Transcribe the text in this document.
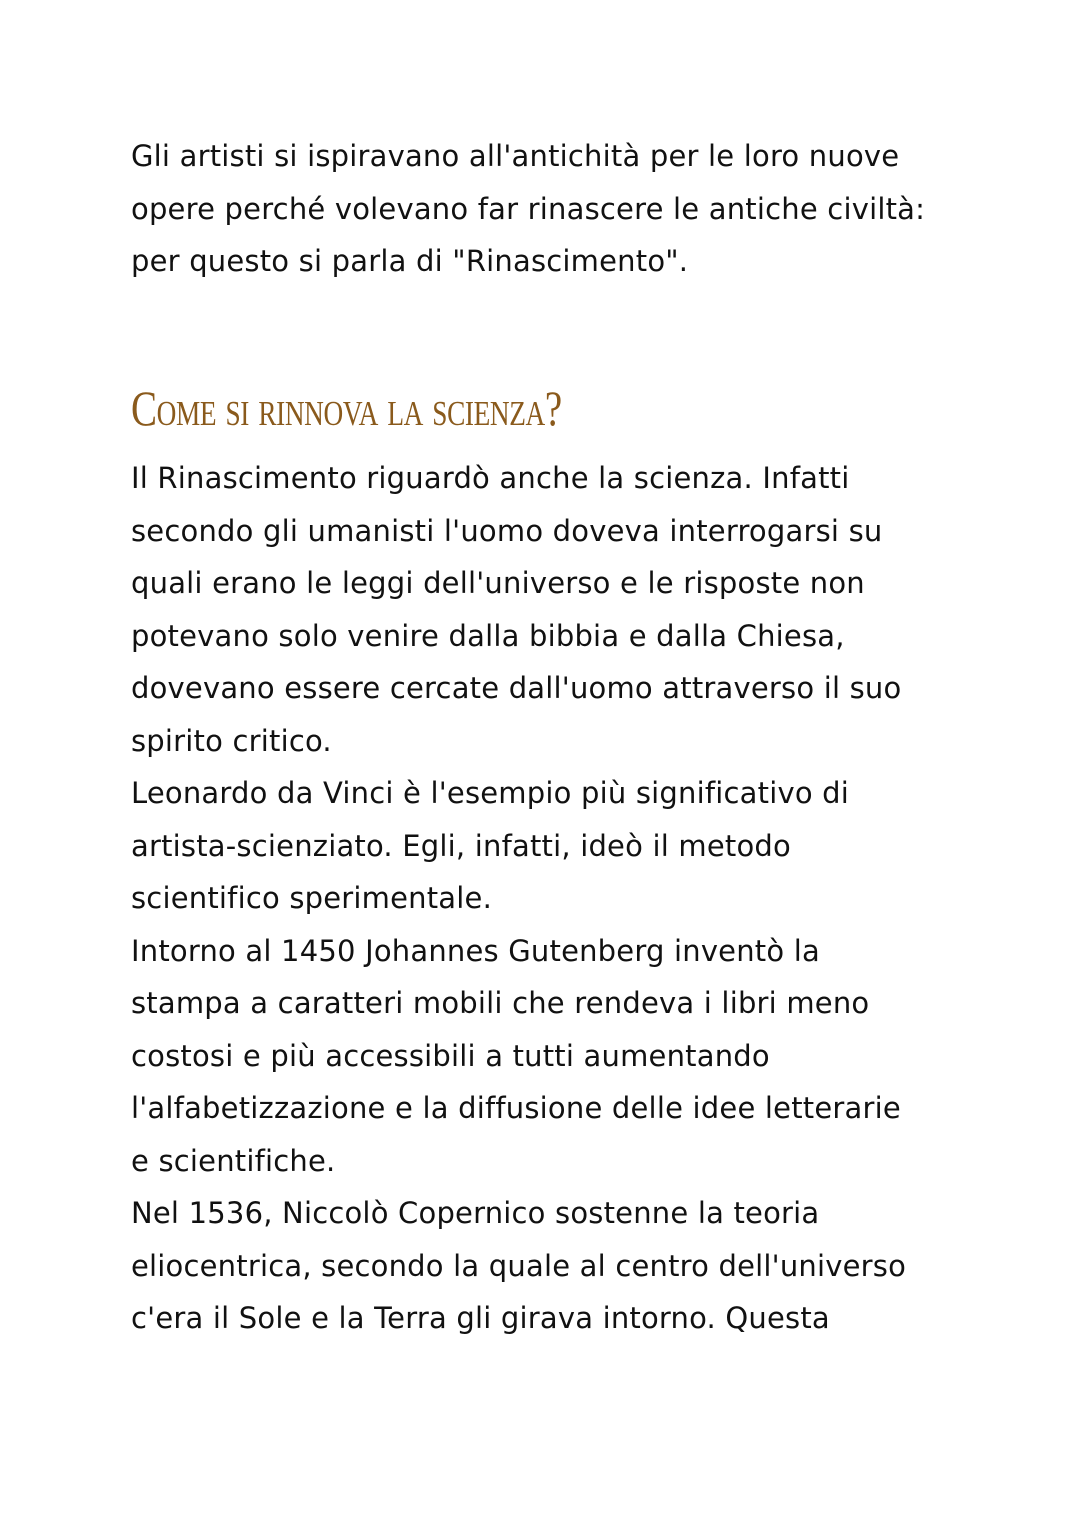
Gli artisti si ispiravano all'antichità per le loro nuove
opere perché volevano far rinascere le antiche civiltà:
per questo si parla di "Rinascimento".
Come si rinnova la scienza?
Il Rinascimento riguardò anche la scienza. Infatti
secondo gli umanisti l'uomo doveva interrogarsi su
quali erano le leggi dell'universo e le risposte non
potevano solo venire dalla bibbia e dalla Chiesa,
dovevano essere cercate dall'uomo attraverso il suo
spirito critico.
Leonardo da Vinci è l'esempio più significativo di
artista-scienziato. Egli, infatti, ideò il metodo
scientifico sperimentale.
Intorno al 1450 Johannes Gutenberg inventò la
stampa a caratteri mobili che rendeva i libri meno
costosi e più accessibili a tutti aumentando
l'alfabetizzazione e la diffusione delle idee letterarie
e scientifiche.
Nel 1536, Niccolò Copernico sostenne la teoria
eliocentrica, secondo la quale al centro dell'universo
c'era il Sole e la Terra gli girava intorno. Questa
